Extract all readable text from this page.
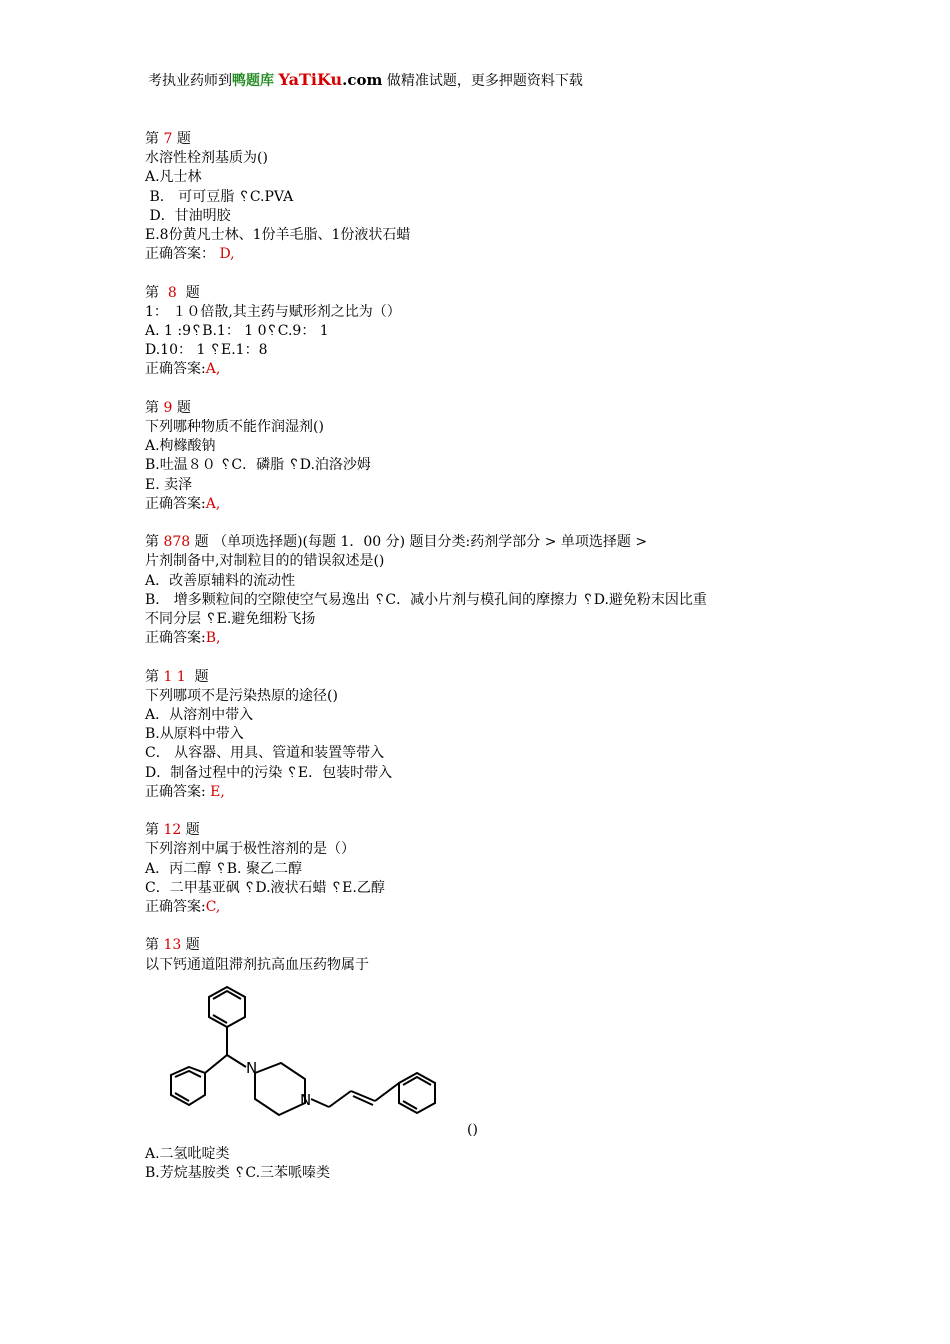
考执业药师到鸭题库 YaTiKu.com 做精准试题，更多押题资料下载
第 7 题
水溶性栓剂基质为()
A.凡士林
B． 可可豆脂 ␦C.PVA
D．甘油明胶
E.8份黄凡士林、1份羊毛脂、1份液状石蜡
正确答案： D,
第  8  题
1： １０倍散,其主药与赋形剂之比为（）
A. 1 :9␦B.1： 1 0␦C.9： 1
D.10： 1 ␦E.1：8
正确答案:A,
第 9 题
下列哪种物质不能作润湿剂()
A.枸橼酸钠
B.吐温８０ ␦C．磷脂 ␦D.泊洛沙姆
E. 卖泽
正确答案:A,
第 878 题 （单项选择题)(每题 1．00 分) 题目分类:药剂学部分 > 单项选择题 >
片剂制备中,对制粒目的的错误叙述是()
A．改善原辅料的流动性
B． 增多颗粒间的空隙使空气易逸出 ␦C．减小片剂与模孔间的摩擦力 ␦D.避免粉末因比重
不同分层 ␦E.避免细粉飞扬
正确答案:B,
第 1 1  题
下列哪项不是污染热原的途径()
A．从溶剂中带入
B.从原料中带入
C． 从容器、用具、管道和装置等带入
D．制备过程中的污染 ␦E．包装时带入
正确答案: E,
第 12 题
下列溶剂中属于极性溶剂的是（）
A．丙二醇 ␦B. 聚乙二醇
C．二甲基亚砜 ␦D.液状石蜡 ␦E.乙醇
正确答案:C,
第 13 题
以下钙通道阻滞剂抗高血压药物属于
N
N
()
A.二氢吡啶类
B.芳烷基胺类 ␦C.三苯哌嗪类
